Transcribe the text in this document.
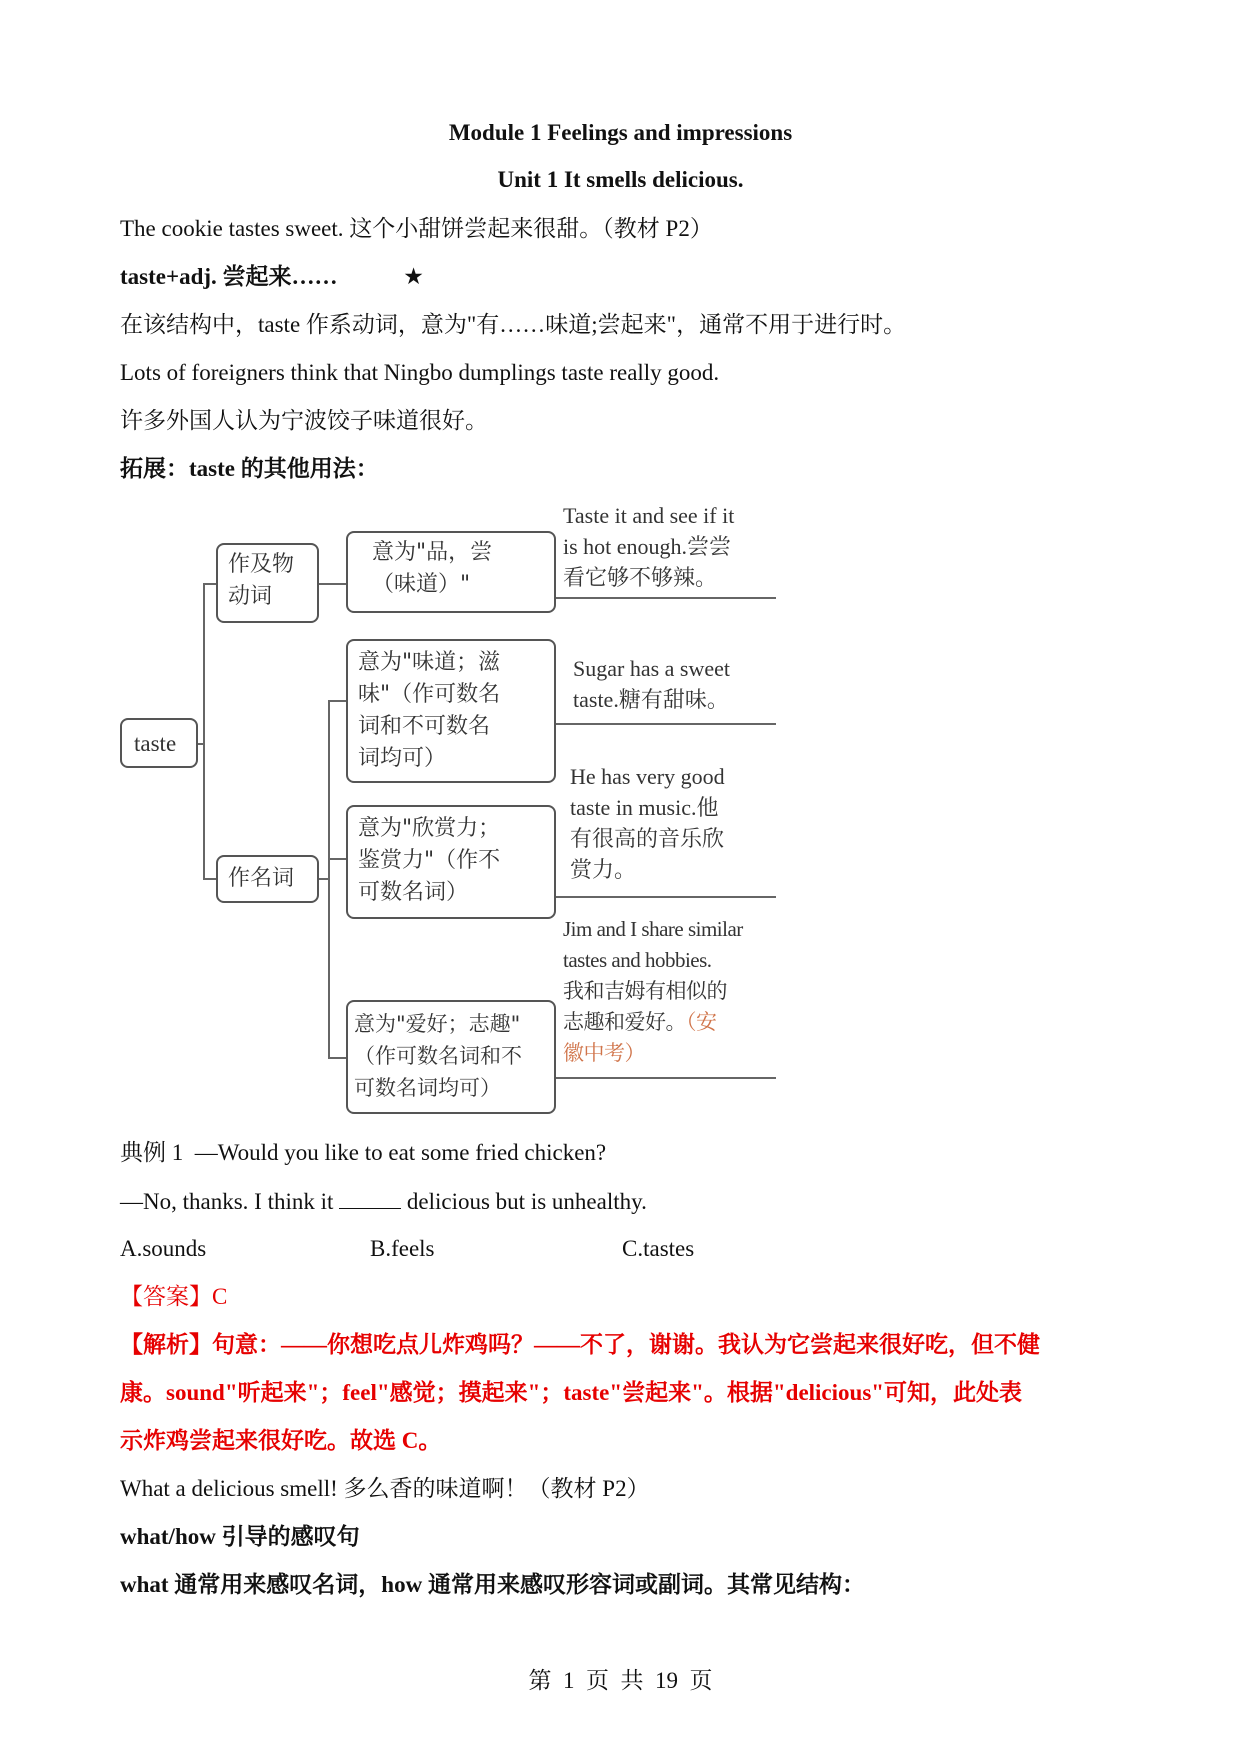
Module 1 Feelings and impressions
Unit 1 It smells delicious.
The cookie tastes sweet. 这个小甜饼尝起来很甜。（教材 P2）
taste+adj. 尝起来……	★
在该结构中，taste 作系动词，意为"有……味道;尝起来"，通常不用于进行时。
Lots of foreigners think that Ningbo dumplings taste really good.
许多外国人认为宁波饺子味道很好。
拓展：taste 的其他用法：
taste
作及物
动词
作名词
意为"品，尝
（味道）"
意为"味道；滋
味"（作可数名
词和不可数名
词均可）
意为"欣赏力；
鉴赏力"（作不
可数名词）
意为"爱好；志趣"
（作可数名词和不
可数名词均可）
Taste it and see if it
is hot enough.尝尝
看它够不够辣。
Sugar has a sweet
taste.糖有甜味。
He has very good
taste in music.他
有很高的音乐欣
赏力。
Jim and I share similar
tastes and hobbies.
我和吉姆有相似的
志趣和爱好。（安
徽中考）
典例 1 —Would you like to eat some fried chicken?
—No, thanks. I think it	delicious but is unhealthy.
A.sounds	B.feels	C.tastes
【答案】C
【解析】句意：——你想吃点儿炸鸡吗？——不了，谢谢。我认为它尝起来很好吃，但不健
康。sound"听起来"；feel"感觉；摸起来"；taste"尝起来"。根据"delicious"可知，此处表
示炸鸡尝起来很好吃。故选 C。
What a delicious smell! 多么香的味道啊！（教材 P2）
what/how 引导的感叹句
what 通常用来感叹名词，how 通常用来感叹形容词或副词。其常见结构：
第  1  页  共  19  页
